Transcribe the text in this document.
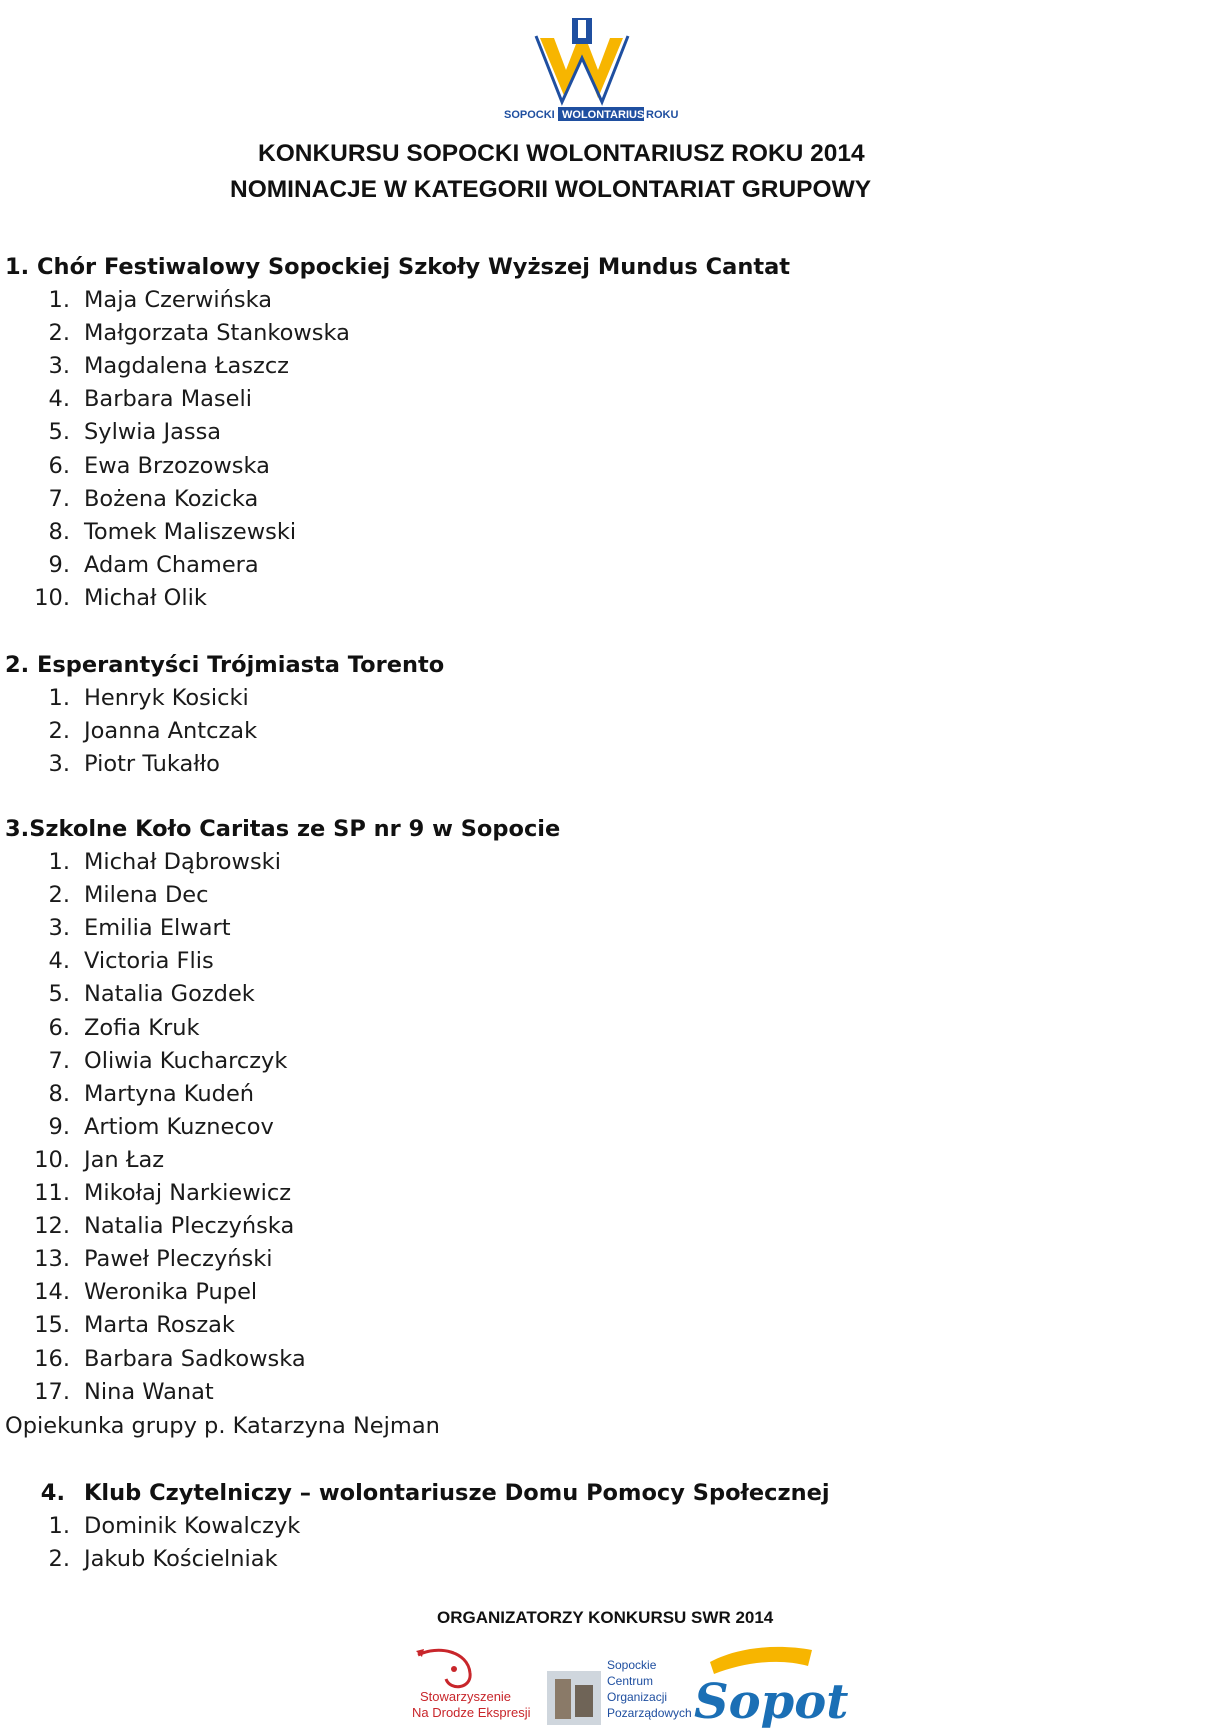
SOPOCKI WOLONTARIUSZ
ROKU
KONKURSU SOPOCKI WOLONTARIUSZ ROKU 2014
NOMINACJE W KATEGORII WOLONTARIAT GRUPOWY
1. Chór Festiwalowy Sopockiej Szkoły Wyższej Mundus Cantat
1. Maja Czerwińska
2. Małgorzata Stankowska
3. Magdalena Łaszcz
4. Barbara Maseli
5. Sylwia Jassa
6. Ewa Brzozowska
7. Bożena Kozicka
8. Tomek Maliszewski
9. Adam Chamera
10. Michał Olik
2. Esperantyści Trójmiasta Torento
1. Henryk Kosicki
2. Joanna Antczak
3. Piotr Tukałło
3.Szkolne Koło Caritas ze SP nr 9 w Sopocie
1. Michał Dąbrowski
2. Milena Dec
3. Emilia Elwart
4. Victoria Flis
5. Natalia Gozdek
6. Zofia Kruk
7. Oliwia Kucharczyk
8. Martyna Kudeń
9. Artiom Kuznecov
10. Jan Łaz
11. Mikołaj Narkiewicz
12. Natalia Pleczyńska
13. Paweł Pleczyński
14. Weronika Pupel
15. Marta Roszak
16. Barbara Sadkowska
17. Nina Wanat
Opiekunka grupy p. Katarzyna Nejman
4. Klub Czytelniczy – wolontariusze Domu Pomocy Społecznej
1. Dominik Kowalczyk
2. Jakub Kościelniak
ORGANIZATORZY KONKURSU SWR 2014
Stowarzyszenie
Na Drodze Ekspresji
Sopockie
Centrum
Organizacji
Pozarządowych Sopot
